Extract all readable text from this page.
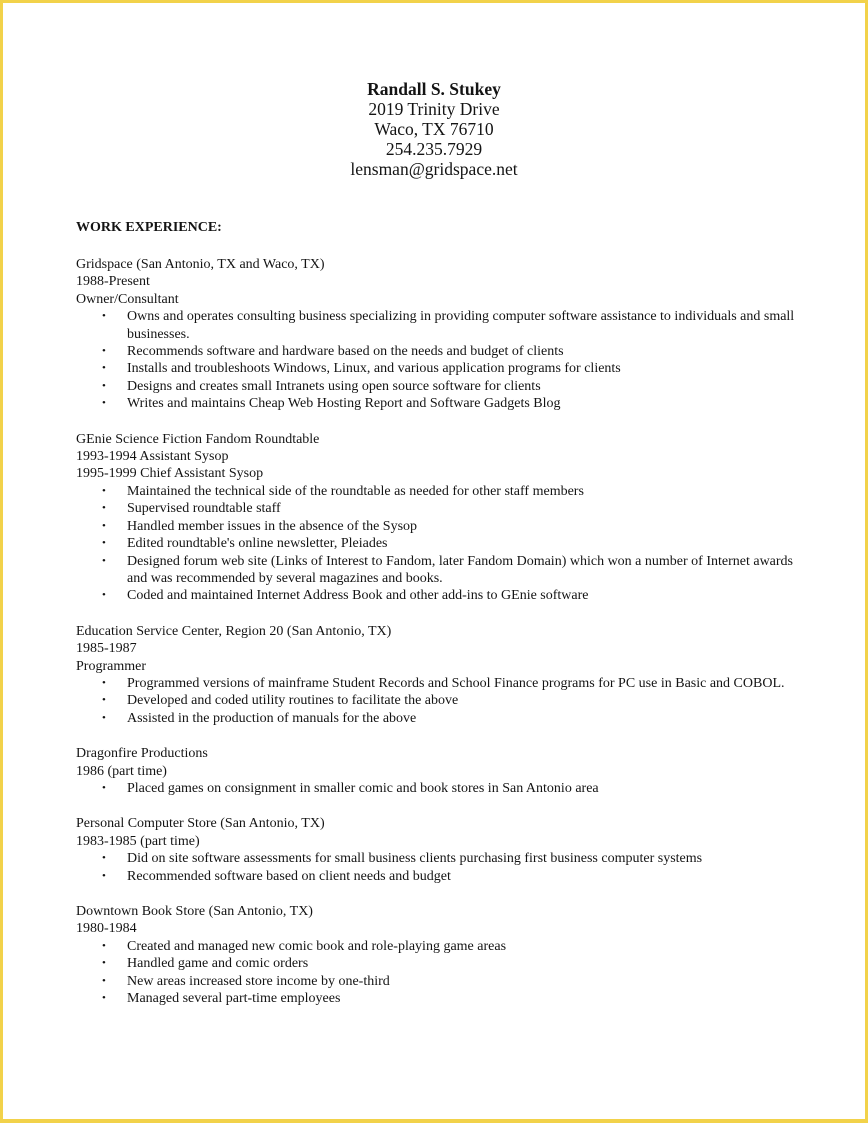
Randall S. Stukey
2019 Trinity Drive
Waco, TX 76710
254.235.7929
lensman@gridspace.net
WORK EXPERIENCE:
Gridspace (San Antonio, TX and Waco, TX)
1988-Present
Owner/Consultant
• Owns and operates consulting business specializing in providing computer software assistance to individuals and small businesses.
• Recommends software and hardware based on the needs and budget of clients
• Installs and troubleshoots Windows, Linux, and various application programs for clients
• Designs and creates small Intranets using open source software for clients
• Writes and maintains Cheap Web Hosting Report and Software Gadgets Blog
GEnie Science Fiction Fandom Roundtable
1993-1994 Assistant Sysop
1995-1999 Chief Assistant Sysop
• Maintained the technical side of the roundtable as needed for other staff members
• Supervised roundtable staff
• Handled member issues in the absence of the Sysop
• Edited roundtable's online newsletter, Pleiades
• Designed forum web site (Links of Interest to Fandom, later Fandom Domain) which won a number of Internet awards and was recommended by several magazines and books.
• Coded and maintained Internet Address Book and other add-ins to GEnie software
Education Service Center, Region 20 (San Antonio, TX)
1985-1987
Programmer
• Programmed versions of mainframe Student Records and School Finance programs for PC use in Basic and COBOL.
• Developed and coded utility routines to facilitate the above
• Assisted in the production of manuals for the above
Dragonfire Productions
1986 (part time)
• Placed games on consignment in smaller comic and book stores in San Antonio area
Personal Computer Store (San Antonio, TX)
1983-1985 (part time)
• Did on site software assessments for small business clients purchasing first business computer systems
• Recommended software based on client needs and budget
Downtown Book Store (San Antonio, TX)
1980-1984
• Created and managed new comic book and role-playing game areas
• Handled game and comic orders
• New areas increased store income by one-third
• Managed several part-time employees
